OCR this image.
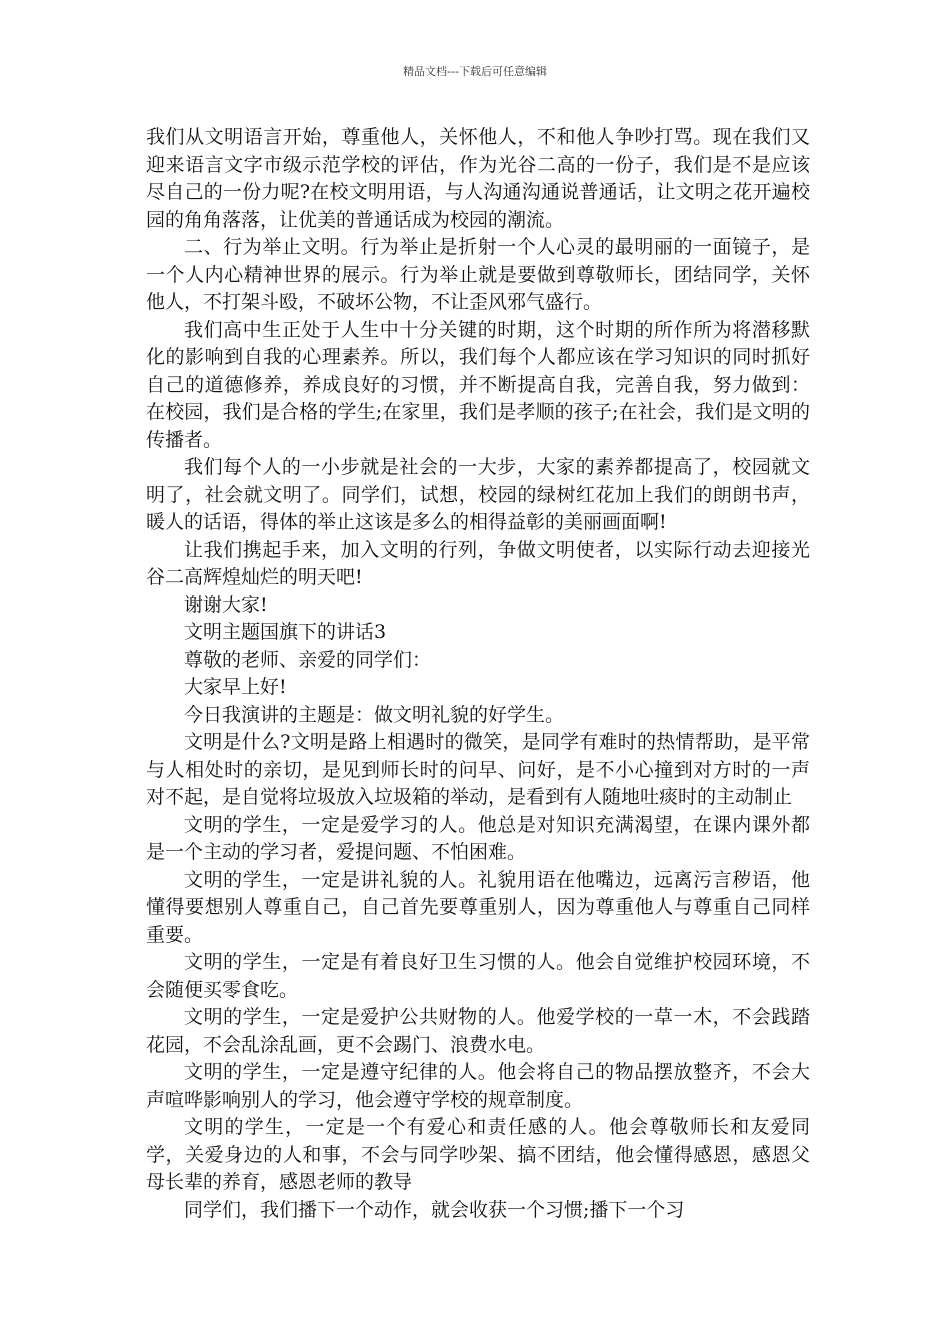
精品文档---下载后可任意编辑

我们从文明语言开始，尊重他人，关怀他人，不和他人争吵打骂。现在我们又迎来语言文字市级示范学校的评估，作为光谷二高的一份子，我们是不是应该尽自己的一份力呢?在校文明用语，与人沟通沟通说普通话，让文明之花开遍校园的角角落落，让优美的普通话成为校园的潮流。

二、行为举止文明。行为举止是折射一个人心灵的最明丽的一面镜子，是一个人内心精神世界的展示。行为举止就是要做到尊敬师长，团结同学，关怀他人，不打架斗殴，不破坏公物，不让歪风邪气盛行。

我们高中生正处于人生中十分关键的时期，这个时期的所作所为将潜移默化的影响到自我的心理素养。所以，我们每个人都应该在学习知识的同时抓好自己的道德修养，养成良好的习惯，并不断提高自我，完善自我，努力做到：在校园，我们是合格的学生;在家里，我们是孝顺的孩子;在社会，我们是文明的传播者。

我们每个人的一小步就是社会的一大步，大家的素养都提高了，校园就文明了，社会就文明了。同学们，试想，校园的绿树红花加上我们的朗朗书声，暖人的话语，得体的举止这该是多么的相得益彰的美丽画面啊!

让我们携起手来，加入文明的行列，争做文明使者，以实际行动去迎接光谷二高辉煌灿烂的明天吧!

谢谢大家!

文明主题国旗下的讲话3

尊敬的老师、亲爱的同学们：

大家早上好!

今日我演讲的主题是：做文明礼貌的好学生。

文明是什么?文明是路上相遇时的微笑，是同学有难时的热情帮助，是平常与人相处时的亲切，是见到师长时的问早、问好，是不小心撞到对方时的一声对不起，是自觉将垃圾放入垃圾箱的举动，是看到有人随地吐痰时的主动制止

文明的学生，一定是爱学习的人。他总是对知识充满渴望，在课内课外都是一个主动的学习者，爱提问题、不怕困难。

文明的学生，一定是讲礼貌的人。礼貌用语在他嘴边，远离污言秽语，他懂得要想别人尊重自己，自己首先要尊重别人，因为尊重他人与尊重自己同样重要。

文明的学生，一定是有着良好卫生习惯的人。他会自觉维护校园环境，不会随便买零食吃。

文明的学生，一定是爱护公共财物的人。他爱学校的一草一木，不会践踏花园，不会乱涂乱画，更不会踢门、浪费水电。

文明的学生，一定是遵守纪律的人。他会将自己的物品摆放整齐，不会大声喧哗影响别人的学习，他会遵守学校的规章制度。

文明的学生，一定是一个有爱心和责任感的人。他会尊敬师长和友爱同学，关爱身边的人和事，不会与同学吵架、搞不团结，他会懂得感恩，感恩父母长辈的养育，感恩老师的教导

同学们，我们播下一个动作，就会收获一个习惯;播下一个习
